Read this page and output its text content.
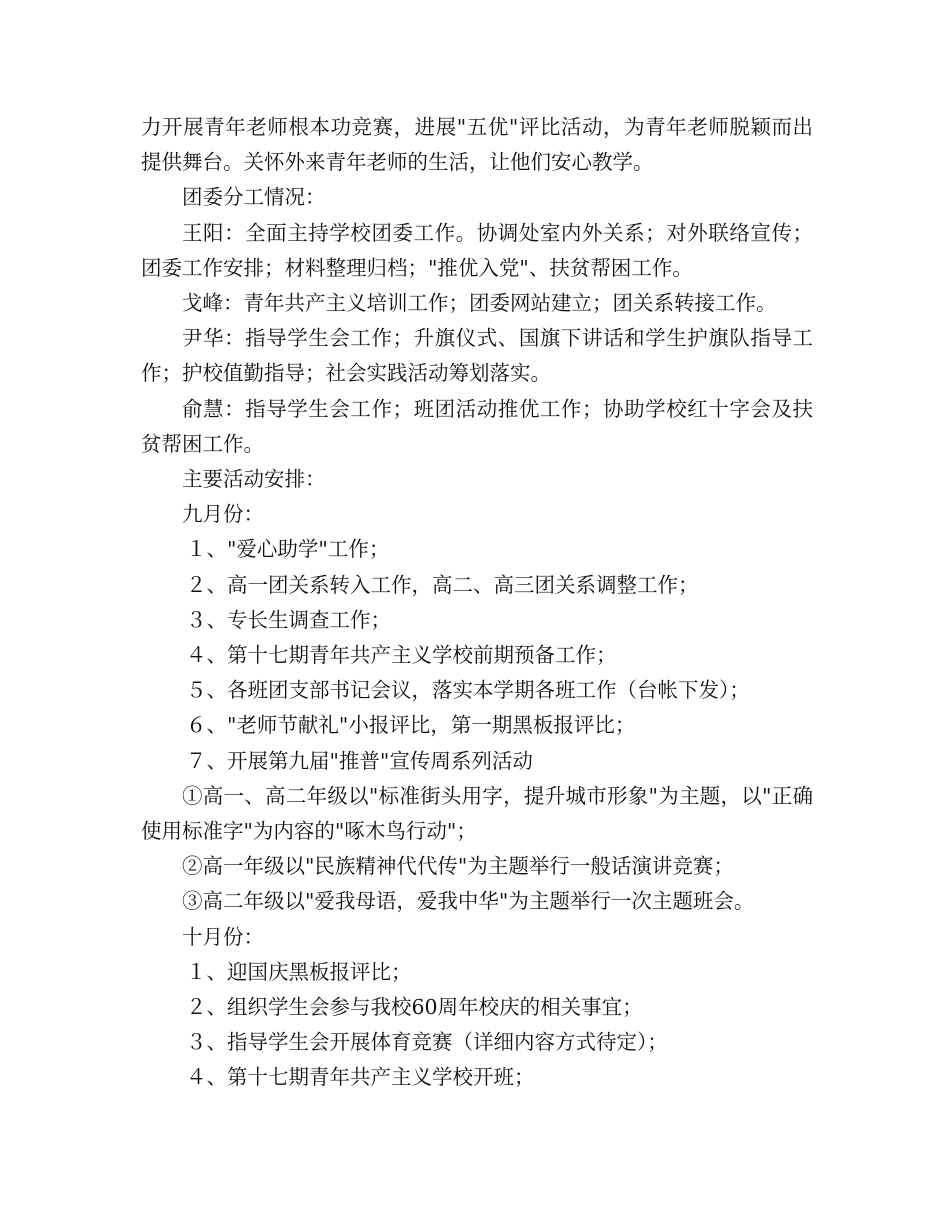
力开展青年老师根本功竞赛，进展"五优"评比活动，为青年老师脱颖而出提供舞台。关怀外来青年老师的生活，让他们安心教学。

团委分工情况：

王阳：全面主持学校团委工作。协调处室内外关系；对外联络宣传；团委工作安排；材料整理归档；"推优入党"、扶贫帮困工作。

戈峰：青年共产主义培训工作；团委网站建立；团关系转接工作。

尹华：指导学生会工作；升旗仪式、国旗下讲话和学生护旗队指导工作；护校值勤指导；社会实践活动筹划落实。

俞慧：指导学生会工作；班团活动推优工作；协助学校红十字会及扶贫帮困工作。

主要活动安排：

九月份：

１、"爱心助学"工作；

２、高一团关系转入工作，高二、高三团关系调整工作；

３、专长生调查工作；

４、第十七期青年共产主义学校前期预备工作；

５、各班团支部书记会议，落实本学期各班工作（台帐下发）；

６、"老师节献礼"小报评比，第一期黑板报评比；

７、开展第九届"推普"宣传周系列活动

①高一、高二年级以"标准街头用字，提升城市形象"为主题，以"正确使用标准字"为内容的"啄木鸟行动"；

②高一年级以"民族精神代代传"为主题举行一般话演讲竞赛；

③高二年级以"爱我母语，爱我中华"为主题举行一次主题班会。

十月份：

１、迎国庆黑板报评比；

２、组织学生会参与我校60周年校庆的相关事宜；

３、指导学生会开展体育竞赛（详细内容方式待定）；

４、第十七期青年共产主义学校开班；
